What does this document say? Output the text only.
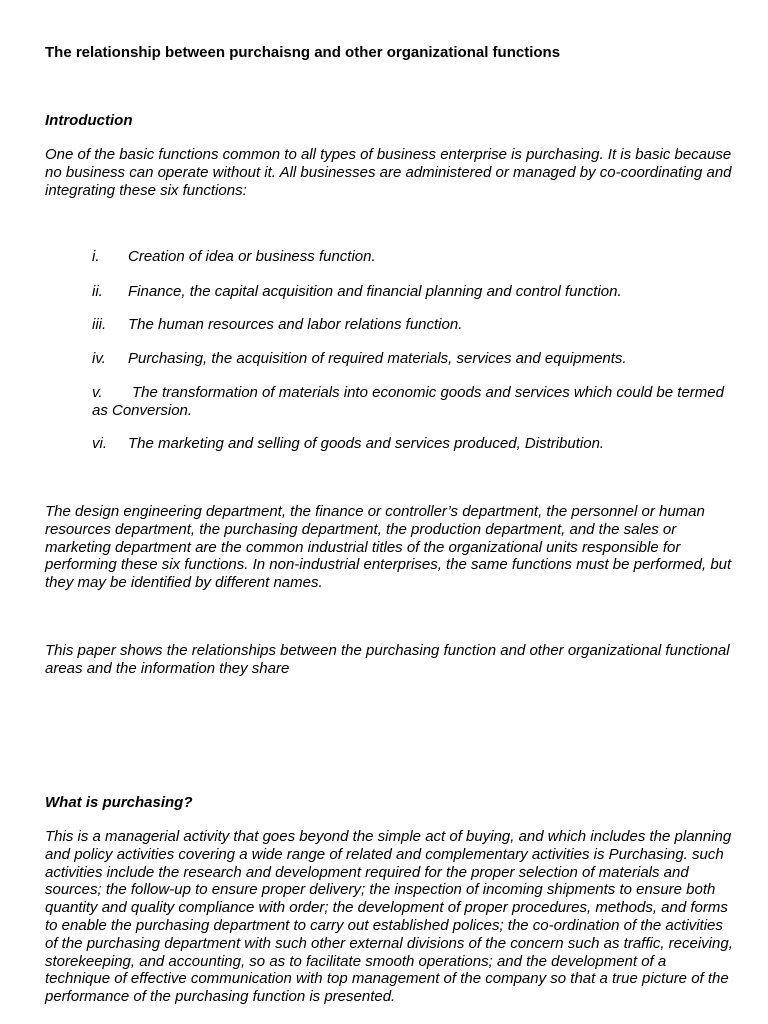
The relationship between purchaisng and other organizational functions
Introduction

One of the basic functions common to all types of business enterprise is purchasing. It is basic because no business can operate without it. All businesses are administered or managed by co-coordinating and integrating these six functions:

i. Creation of idea or business function.
ii. Finance, the capital acquisition and financial planning and control function.
iii. The human resources and labor relations function.
iv. Purchasing, the acquisition of required materials, services and equipments.
v. The transformation of materials into economic goods and services which could be termed as Conversion.
vi. The marketing and selling of goods and services produced, Distribution.

The design engineering department, the finance or controller’s department, the personnel or human resources department, the purchasing department, the production department, and the sales or marketing department are the common industrial titles of the organizational units responsible for performing these six functions. In non-industrial enterprises, the same functions must be performed, but they may be identified by different names.

This paper shows the relationships between the purchasing function and other organizational functional areas and the information they share

What is purchasing?

This is a managerial activity that goes beyond the simple act of buying, and which includes the planning and policy activities covering a wide range of related and complementary activities is Purchasing. such activities include the research and development required for the proper selection of materials and sources; the follow-up to ensure proper delivery; the inspection of incoming shipments to ensure both quantity and quality compliance with order; the development of proper procedures, methods, and forms to enable the purchasing department to carry out established polices; the co-ordination of the activities of the purchasing department with such other external divisions of the concern such as traffic, receiving, storekeeping, and accounting, so as to facilitate smooth operations; and the development of a technique of effective communication with top management of the company so that a true picture of the performance of the purchasing function is presented.
